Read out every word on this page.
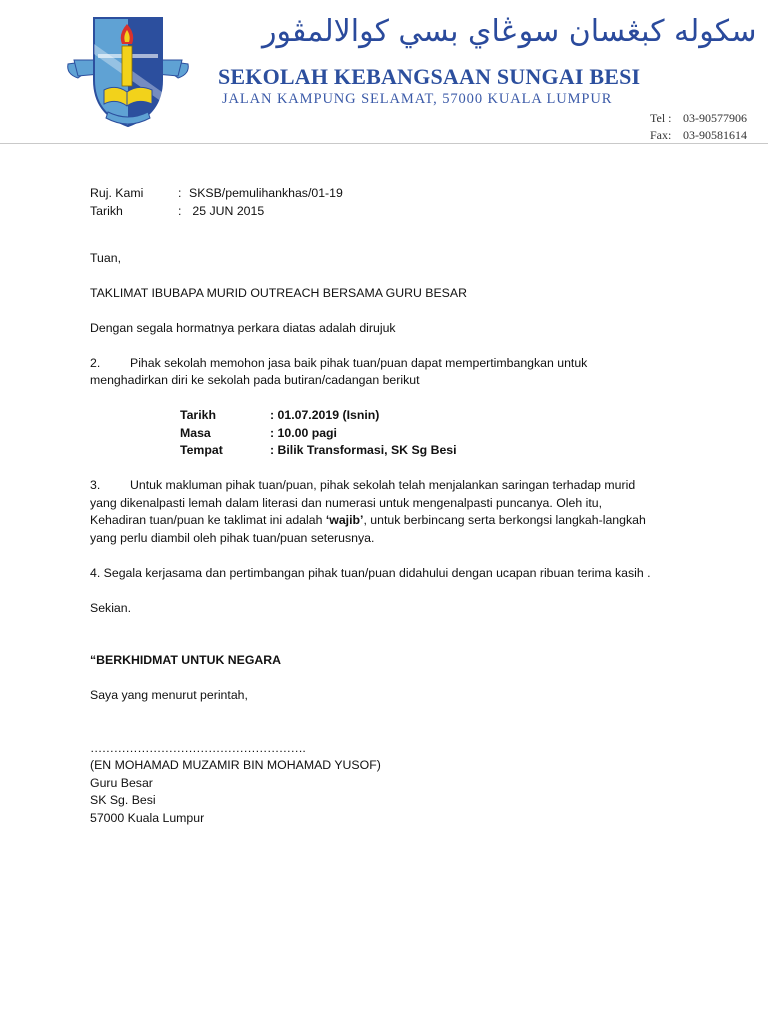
سکوله کبڠسان سوڠاي بسي کوالالمڤور
SEKOLAH KEBANGSAAN SUNGAI BESI
JALAN KAMPUNG SELAMAT, 57000 KUALA LUMPUR
Tel : 03-90577906
Fax: 03-90581614
Ruj. Kami	: SKSB/pemulihankhas/01-19
Tarikh	: 25 JUN 2015
Tuan,
TAKLIMAT IBUBAPA MURID OUTREACH BERSAMA GURU BESAR
Dengan segala hormatnya perkara diatas adalah dirujuk
2. Pihak sekolah memohon jasa baik pihak tuan/puan dapat mempertimbangkan untuk
menghadirkan diri ke sekolah pada butiran/cadangan berikut
Tarikh	: 01.07.2019 (Isnin)
Masa	: 10.00 pagi
Tempat	: Bilik Transformasi, SK Sg Besi
3. Untuk makluman pihak tuan/puan, pihak sekolah telah menjalankan saringan terhadap murid
yang dikenalpasti lemah dalam literasi dan numerasi untuk mengenalpasti puncanya. Oleh itu,
Kehadiran tuan/puan ke taklimat ini adalah ‘wajib’, untuk berbincang serta berkongsi langkah-langkah
yang perlu diambil oleh pihak tuan/puan seterusnya.
4. Segala kerjasama dan pertimbangan pihak tuan/puan didahului dengan ucapan ribuan terima kasih .
Sekian.
“BERKHIDMAT UNTUK NEGARA
Saya yang menurut perintah,
……………………………………………….
(EN MOHAMAD MUZAMIR BIN MOHAMAD YUSOF)
Guru Besar
SK Sg. Besi
57000 Kuala Lumpur
